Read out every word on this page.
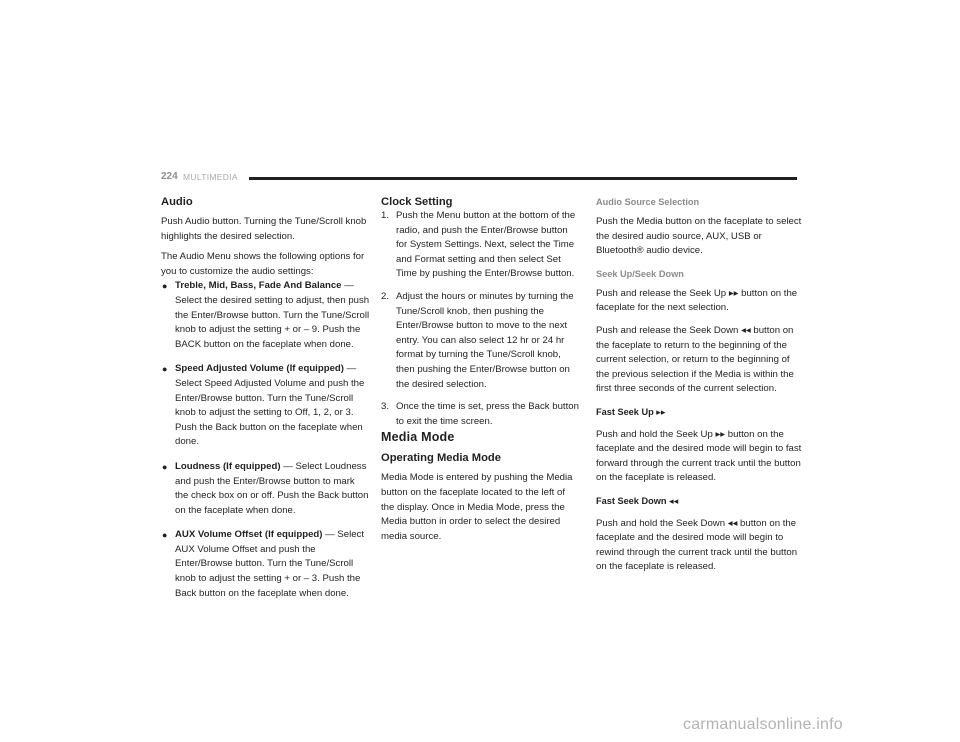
224 MULTIMEDIA
Audio

Push Audio button. Turning the Tune/Scroll knob highlights the desired selection.

The Audio Menu shows the following options for you to customize the audio settings:

● Treble, Mid, Bass, Fade And Balance — Select the desired setting to adjust, then push the Enter/Browse button. Turn the Tune/Scroll knob to adjust the setting + or – 9. Push the BACK button on the faceplate when done.
● Speed Adjusted Volume (If equipped) — Select Speed Adjusted Volume and push the Enter/Browse button. Turn the Tune/Scroll knob to adjust the setting to Off, 1, 2, or 3. Push the Back button on the faceplate when done.
● Loudness (If equipped) — Select Loudness and push the Enter/Browse button to mark the check box on or off. Push the Back button on the faceplate when done.
● AUX Volume Offset (If equipped) — Select AUX Volume Offset and push the Enter/Browse button. Turn the Tune/Scroll knob to adjust the setting + or – 3. Push the Back button on the faceplate when done.
Clock Setting
1. Push the Menu button at the bottom of the radio, and push the Enter/Browse button for System Settings. Next, select the Time and Format setting and then select Set Time by pushing the Enter/Browse button.
2. Adjust the hours or minutes by turning the Tune/Scroll knob, then pushing the Enter/Browse button to move to the next entry. You can also select 12 hr or 24 hr format by turning the Tune/Scroll knob, then pushing the Enter/Browse button on the desired selection.
3. Once the time is set, press the Back button to exit the time screen.
Media Mode
Operating Media Mode

Media Mode is entered by pushing the Media button on the faceplate located to the left of the display. Once in Media Mode, press the Media button in order to select the desired media source.

Audio Source Selection

Push the Media button on the faceplate to select the desired audio source, AUX, USB or Bluetooth® audio device.

Seek Up/Seek Down

Push and release the Seek Up ▸▸ button on the faceplate for the next selection.

Push and release the Seek Down ◂◂ button on the faceplate to return to the beginning of the current selection, or return to the beginning of the previous selection if the Media is within the first three seconds of the current selection.

Fast Seek Up ▸▸

Push and hold the Seek Up ▸▸ button on the faceplate and the desired mode will begin to fast forward through the current track until the button on the faceplate is released.

Fast Seek Down ◂◂

Push and hold the Seek Down ◂◂ button on the faceplate and the desired mode will begin to rewind through the current track until the button on the faceplate is released.

carmanualsonline.info
